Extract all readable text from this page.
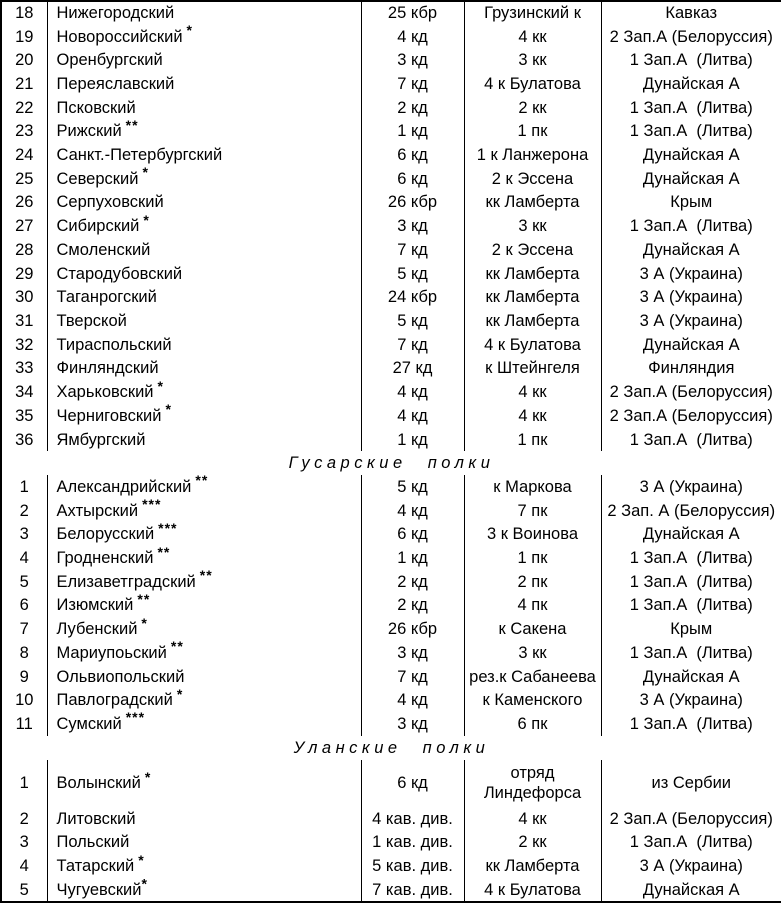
18	Нижегородский	25 кбр	Грузинский к	Кавказ
19	Новороссийский *	4 кд	4 кк	2 Зап.А (Белоруссия)
20	Оренбургский	3 кд	3 кк	1 Зап.А  (Литва)
21	Переяславский	7 кд	4 к Булатова	Дунайская А
22	Псковский	2 кд	2 кк	1 Зап.А  (Литва)
23	Рижский **	1 кд	1 пк	1 Зап.А  (Литва)
24	Санкт.-Петербургский	6 кд	1 к Ланжерона	Дунайская А
25	Северский *	6 кд	2 к Эссена	Дунайская А
26	Серпуховский	26 кбр	кк Ламберта	Крым
27	Сибирский *	3 кд	3 кк	1 Зап.А  (Литва)
28	Смоленский	7 кд	2 к Эссена	Дунайская А
29	Стародубовский	5 кд	кк Ламберта	3 А (Украина)
30	Таганрогский	24 кбр	кк Ламберта	3 А (Украина)
31	Тверской	5 кд	кк Ламберта	3 А (Украина)
32	Тираспольский	7 кд	4 к Булатова	Дунайская А
33	Финляндский	27 кд	к Штейнгеля	Финляндия
34	Харьковский *	4 кд	4 кк	2 Зап.А (Белоруссия)
35	Черниговский *	4 кд	4 кк	2 Зап.А (Белоруссия)
36	Ямбургский	1 кд	1 пк	1 Зап.А  (Литва)
Гусарские полки				
1	Александрийский **	5 кд	к Маркова	3 А (Украина)
2	Ахтырский ***	4 кд	7 пк	2 Зап. А (Белоруссия)
3	Белорусский ***	6 кд	3 к Воинова	Дунайская А
4	Гродненский **	1 кд	1 пк	1 Зап.А  (Литва)
5	Елизаветградский **	2 кд	2 пк	1 Зап.А  (Литва)
6	Изюмский **	2 кд	4 пк	1 Зап.А  (Литва)
7	Лубенский *	26 кбр	к Сакена	Крым
8	Мариупоьский **	3 кд	3 кк	1 Зап.А  (Литва)
9	Ольвиопольский	7 кд	рез.к Сабанеева	Дунайская А
10	Павлоградский *	4 кд	к Каменского	3 А (Украина)
11	Сумский ***	3 кд	6 пк	1 Зап.А  (Литва)
Уланские полки				
1	Волынский *	6 кд	отряд Линдефорса	из Сербии
2	Литовский	4 кав. див.	4 кк	2 Зап.А (Белоруссия)
3	Польский	1 кав. див.	2 кк	1 Зап.А  (Литва)
4	Татарский *	5 кав. див.	кк Ламберта	3 А (Украина)
5	Чугуевский*	7 кав. див.	4 к Булатова	Дунайская А
